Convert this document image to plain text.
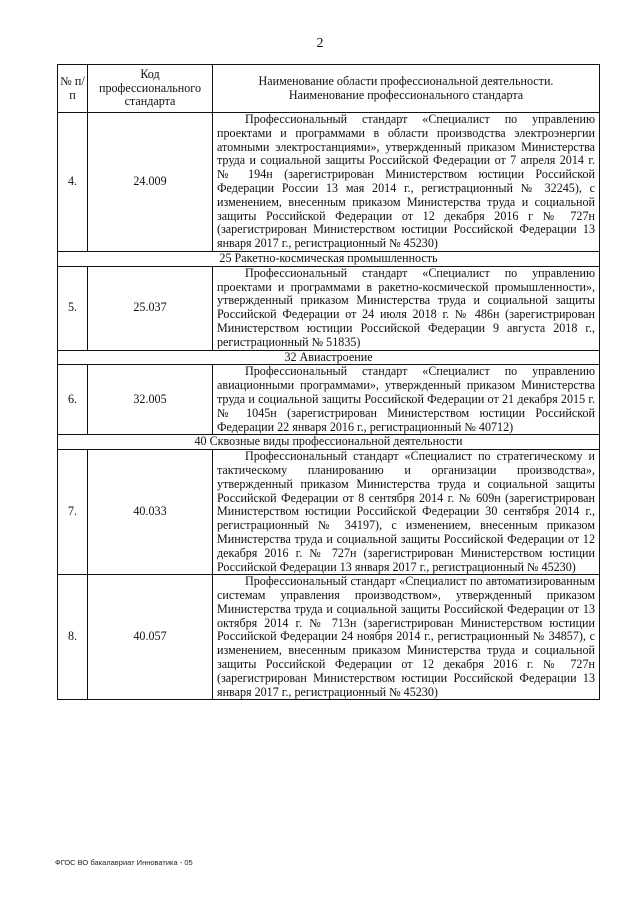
2
№ п/п	Код профессионального стандарта	Наименование области профессиональной деятельности.
Наименование профессионального стандарта

4.	24.009	Профессиональный стандарт «Специалист по управлению проектами и программами в области производства электроэнергии атомными электростанциями», утвержденный приказом Министерства труда и социальной защиты Российской Федерации от 7 апреля 2014 г. № 194н (зарегистрирован Министерством юстиции Российской Федерации России 13 мая 2014 г., регистрационный № 32245), с изменением, внесенным приказом Министерства труда и социальной защиты Российской Федерации от 12 декабря 2016 г № 727н (зарегистрирован Министерством юстиции Российской Федерации 13 января 2017 г., регистрационный № 45230)
25 Ракетно-космическая промышленность		
5.	25.037	Профессиональный стандарт «Специалист по управлению проектами и программами в ракетно-космической промышленности», утвержденный приказом Министерства труда и социальной защиты Российской Федерации от 24 июля 2018 г. № 486н (зарегистрирован Министерством юстиции Российской Федерации 9 августа 2018 г., регистрационный № 51835)
32 Авиастроение		
6.	32.005	Профессиональный стандарт «Специалист по управлению авиационными программами», утвержденный приказом Министерства труда и социальной защиты Российской Федерации от 21 декабря 2015 г. № 1045н (зарегистрирован Министерством юстиции Российской Федерации 22 января 2016 г., регистрационный № 40712)
40 Сквозные виды профессиональной деятельности		
7.	40.033	Профессиональный стандарт «Специалист по стратегическому и тактическому планированию и организации производства», утвержденный приказом Министерства труда и социальной защиты Российской Федерации от 8 сентября 2014 г. № 609н (зарегистрирован Министерством юстиции Российской Федерации 30 сентября 2014 г., регистрационный № 34197), с изменением, внесенным приказом Министерства труда и социальной защиты Российской Федерации от 12 декабря 2016 г. № 727н (зарегистрирован Министерством юстиции Российской Федерации 13 января 2017 г., регистрационный № 45230)
8.	40.057	Профессиональный стандарт «Специалист по автоматизированным системам управления производством», утвержденный приказом Министерства труда и социальной защиты Российской Федерации от 13 октября 2014 г. № 713н (зарегистрирован Министерством юстиции Российской Федерации 24 ноября 2014 г., регистрационный № 34857), с изменением, внесенным приказом Министерства труда и социальной защиты Российской Федерации от 12 декабря 2016 г. № 727н (зарегистрирован Министерством юстиции Российской Федерации 13 января 2017 г., регистрационный № 45230)
ФГОС ВО бакалавриат Инноватика - 05
